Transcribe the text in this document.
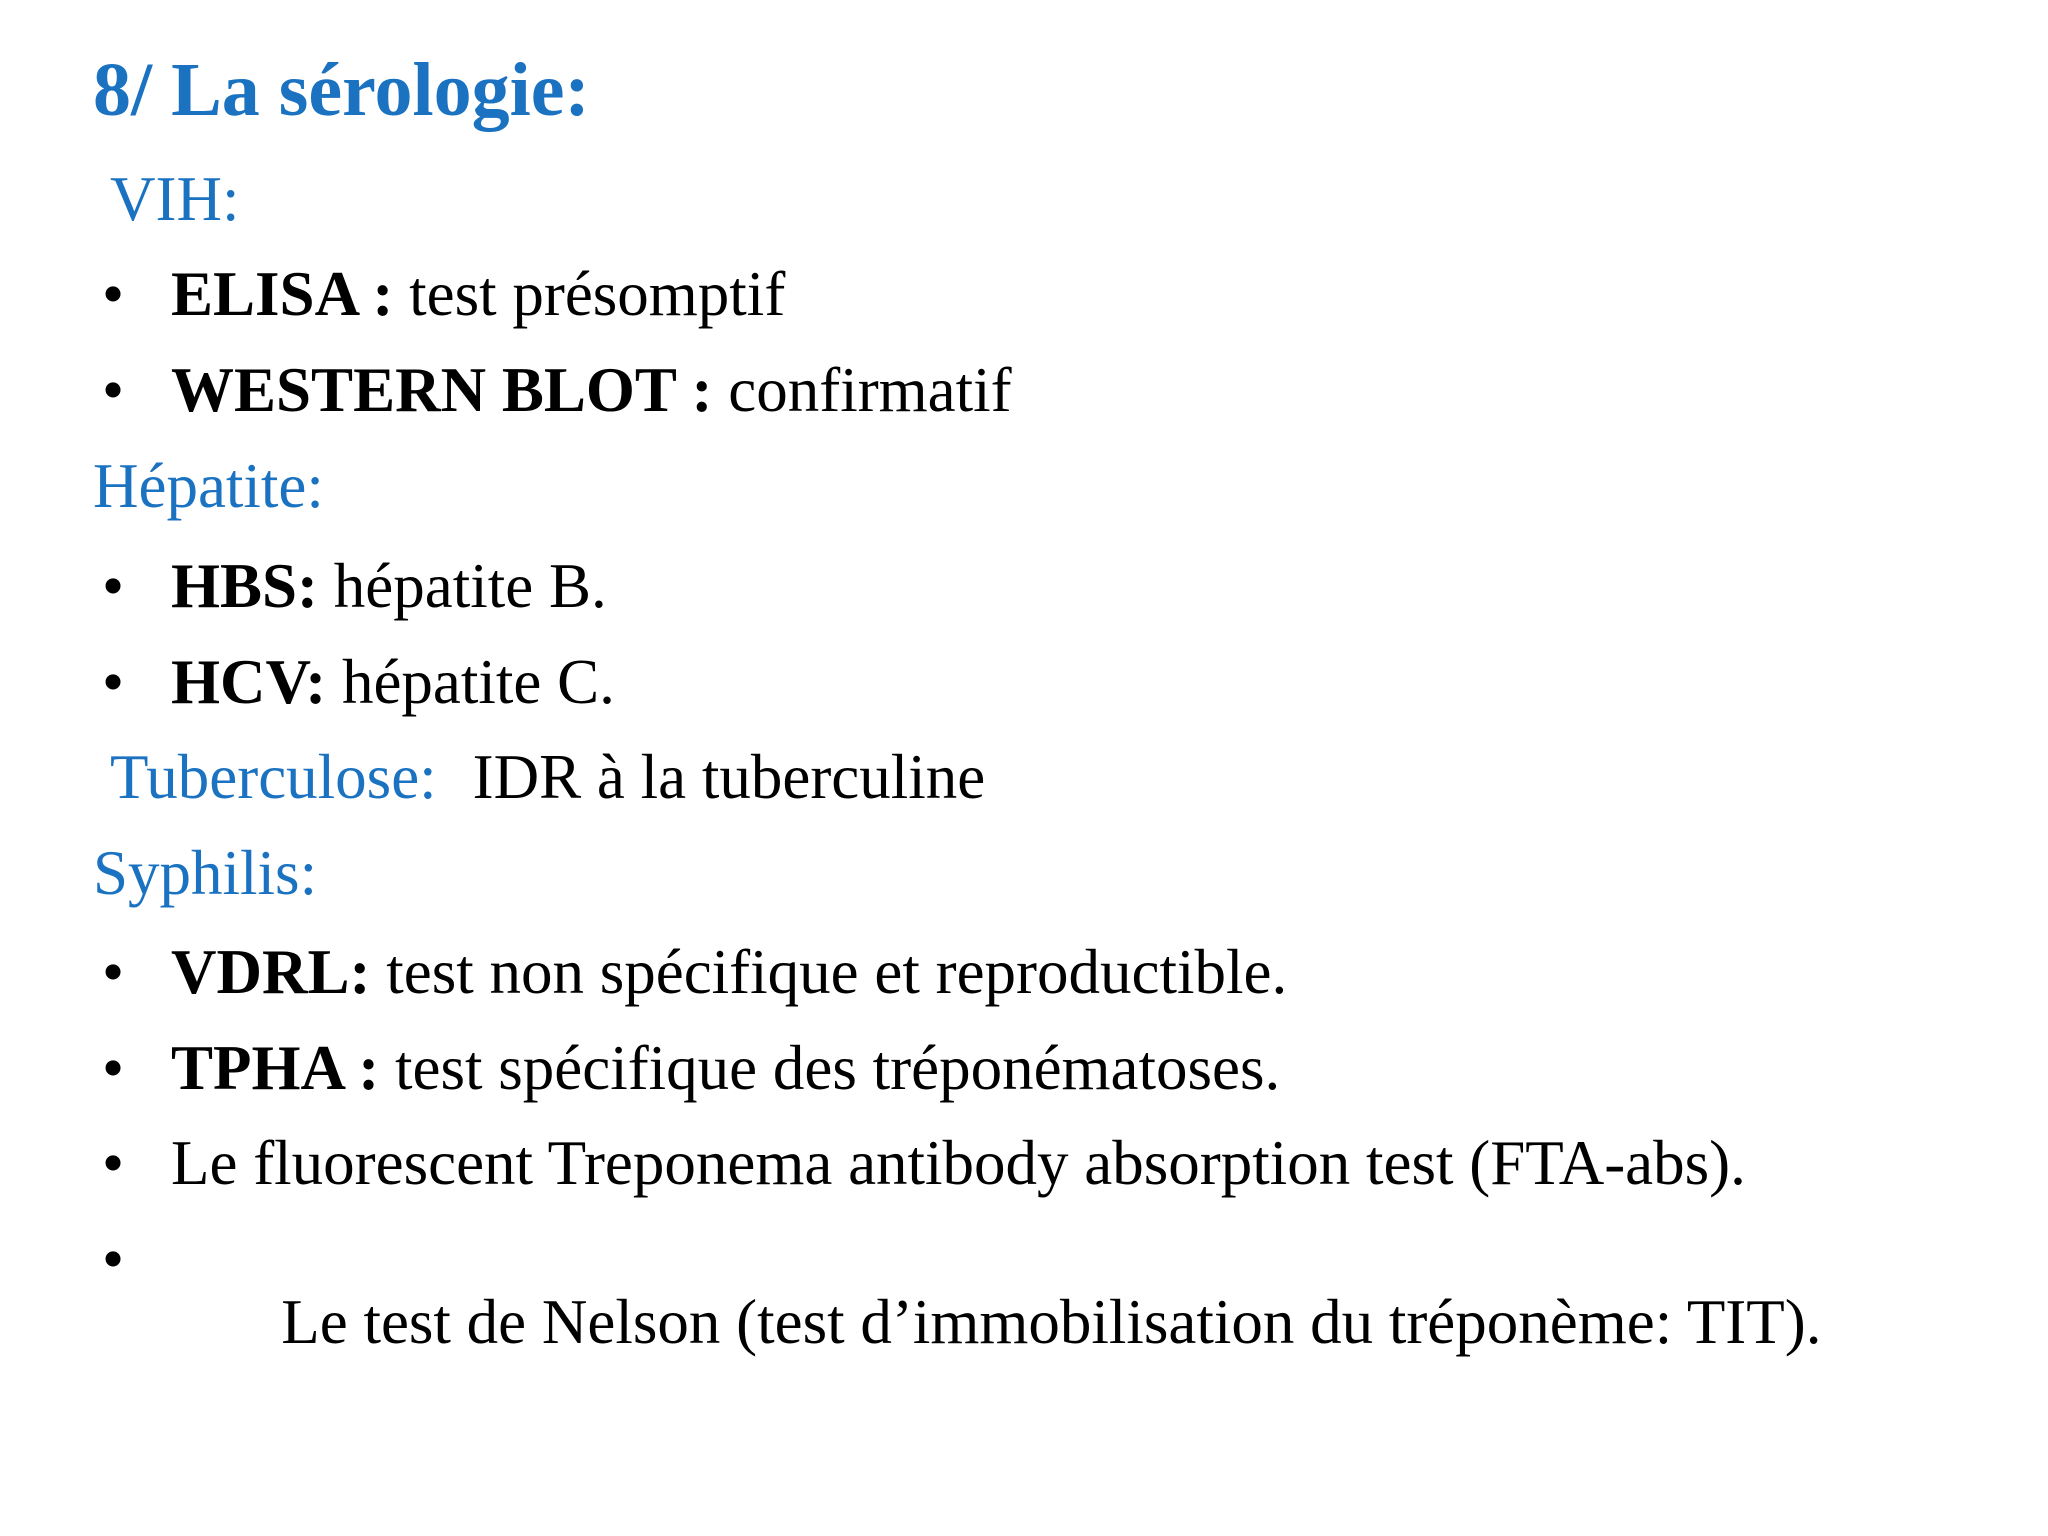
8/ La sérologie:
VIH:
• ELISA : test présomptif
• WESTERN BLOT : confirmatif
Hépatite:
• HBS: hépatite B.
• HCV: hépatite C.
Tuberculose: IDR à la tuberculine
Syphilis:
• VDRL: test non spécifique et reproductible.
• TPHA : test spécifique des tréponématoses.
• Le fluorescent Treponema antibody absorption test (FTA-abs).
•

Le test de Nelson (test d’immobilisation du tréponème: TIT).
